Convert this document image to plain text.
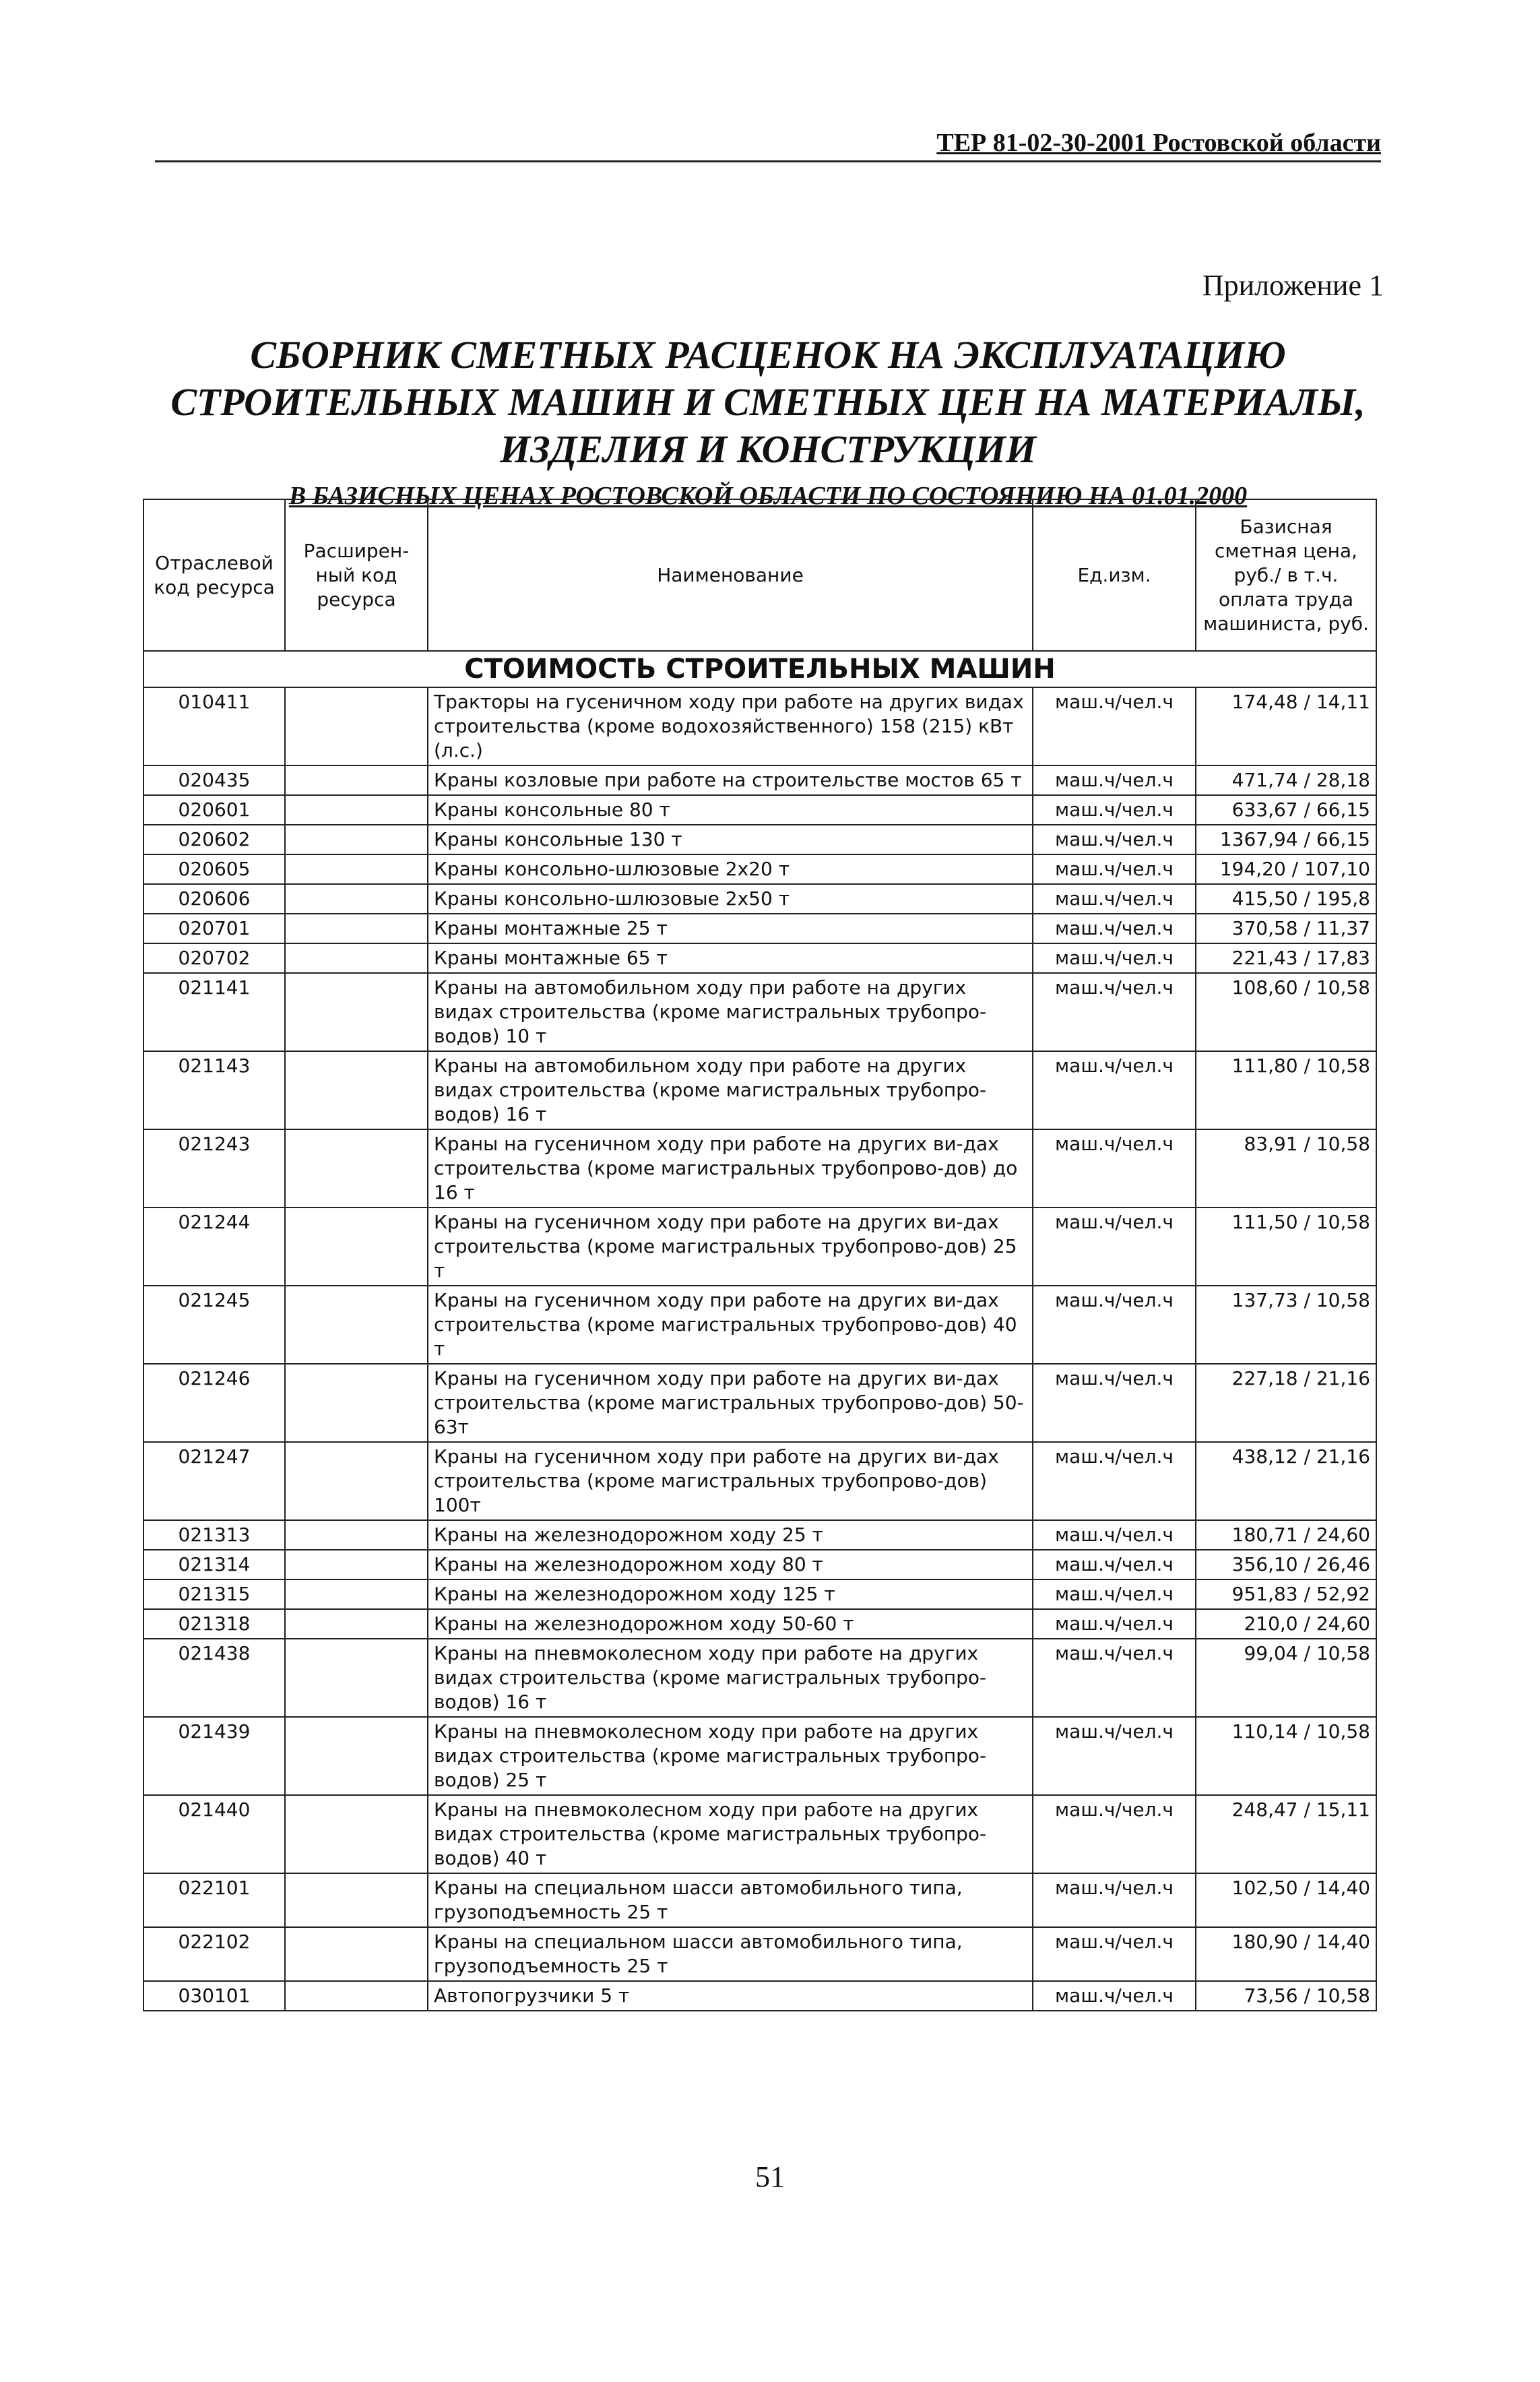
ТЕР 81-02-30-2001 Ростовской области
Приложение 1
СБОРНИК СМЕТНЫХ РАСЦЕНОК НА ЭКСПЛУАТАЦИЮ
СТРОИТЕЛЬНЫХ МАШИН И СМЕТНЫХ ЦЕН НА МАТЕРИАЛЫ,
ИЗДЕЛИЯ И КОНСТРУКЦИИ
В БАЗИСНЫХ ЦЕНАХ РОСТОВСКОЙ ОБЛАСТИ ПО СОСТОЯНИЮ НА 01.01.2000
Отраслевой код ресурса	Расширен-ный код ресурса	Наименование	Ед.изм.	Базисная сметная цена, руб./ в т.ч. оплата труда машиниста, руб.
СТОИМОСТЬ СТРОИТЕЛЬНЫХ МАШИН				
010411		Тракторы на гусеничном ходу при работе на других видах строительства (кроме водохозяйственного) 158 (215) кВт (л.с.)	маш.ч/чел.ч	174,48 / 14,11
020435		Краны козловые при работе на строительстве мостов 65 т	маш.ч/чел.ч	471,74 / 28,18
020601		Краны консольные 80 т	маш.ч/чел.ч	633,67 / 66,15
020602		Краны консольные 130 т	маш.ч/чел.ч	1367,94 / 66,15
020605		Краны консольно-шлюзовые 2х20 т	маш.ч/чел.ч	194,20 / 107,10
020606		Краны консольно-шлюзовые 2х50 т	маш.ч/чел.ч	415,50 / 195,8
020701		Краны монтажные 25 т	маш.ч/чел.ч	370,58 / 11,37
020702		Краны монтажные 65 т	маш.ч/чел.ч	221,43 / 17,83
021141		Краны на автомобильном ходу при работе на других видах строительства (кроме магистральных трубопро-водов) 10 т	маш.ч/чел.ч	108,60 / 10,58
021143		Краны на автомобильном ходу при работе на других видах строительства (кроме магистральных трубопро-водов) 16 т	маш.ч/чел.ч	111,80 / 10,58
021243		Краны на гусеничном ходу при работе на других ви-дах строительства (кроме магистральных трубопрово-дов) до 16 т	маш.ч/чел.ч	83,91 / 10,58
021244		Краны на гусеничном ходу при работе на других ви-дах строительства (кроме магистральных трубопрово-дов) 25 т	маш.ч/чел.ч	111,50 / 10,58
021245		Краны на гусеничном ходу при работе на других ви-дах строительства (кроме магистральных трубопрово-дов) 40 т	маш.ч/чел.ч	137,73 / 10,58
021246		Краны на гусеничном ходу при работе на других ви-дах строительства (кроме магистральных трубопрово-дов) 50-63т	маш.ч/чел.ч	227,18 / 21,16
021247		Краны на гусеничном ходу при работе на других ви-дах строительства (кроме магистральных трубопрово-дов) 100т	маш.ч/чел.ч	438,12 / 21,16
021313		Краны на железнодорожном ходу 25 т	маш.ч/чел.ч	180,71 / 24,60
021314		Краны на железнодорожном ходу 80 т	маш.ч/чел.ч	356,10 / 26,46
021315		Краны на железнодорожном ходу 125 т	маш.ч/чел.ч	951,83 / 52,92
021318		Краны на железнодорожном ходу 50-60 т	маш.ч/чел.ч	210,0 / 24,60
021438		Краны на пневмоколесном ходу при работе на других видах строительства (кроме магистральных трубопро-водов) 16 т	маш.ч/чел.ч	99,04 / 10,58
021439		Краны на пневмоколесном ходу при работе на других видах строительства (кроме магистральных трубопро-водов) 25 т	маш.ч/чел.ч	110,14 / 10,58
021440		Краны на пневмоколесном ходу при работе на других видах строительства (кроме магистральных трубопро-водов) 40 т	маш.ч/чел.ч	248,47 / 15,11
022101		Краны на специальном шасси автомобильного типа, грузоподъемность 25 т	маш.ч/чел.ч	102,50 / 14,40
022102		Краны на специальном шасси автомобильного типа, грузоподъемность 25 т	маш.ч/чел.ч	180,90 / 14,40
030101		Автопогрузчики 5 т	маш.ч/чел.ч	73,56 / 10,58
51
